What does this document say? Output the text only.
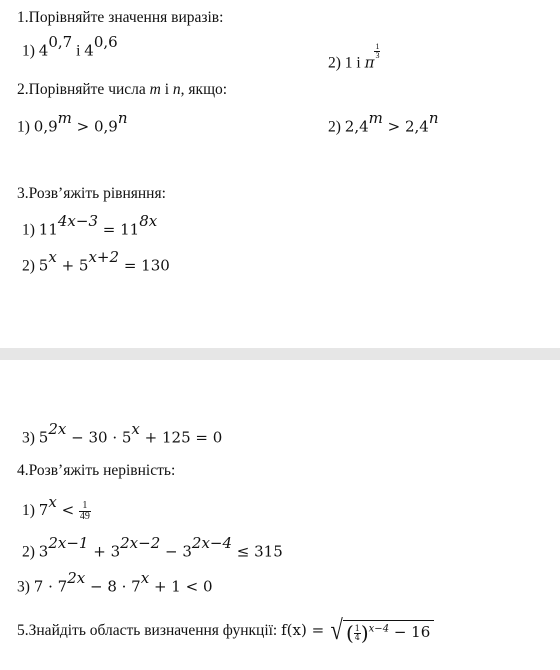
1.Порівняйте значення виразів:
1) 4$^{0,7}$ і 4$^{0,6}$
2) 1 і π
$\frac{1}{3}$
2.Порівняйте числа m і n, якщо:
1) $0,9^m > 0,9^n$	2) $2,4^m > 2,4^n$
3.Розв’яжіть рівняння:
1) $11^{4x-3} = 11^{8x}$
2) $5^x + 5^{x+2} = 130$
3) $5^{2x} - 30 \cdot 5^x + 125 = 0$
4.Розв’яжіть нерівність:
1) $7^x < \frac{1}{49}$
2) $3^{2x-1} + 3^{2x-2} - 3^{2x-4} \le 315$
3) $7 \cdot 7^{2x} - 8 \cdot 7^x + 1 < 0$
5.Знайдіть область визначення функції: f(x) = √ ( $\frac{1}{4} )^{x-4} - 16$
